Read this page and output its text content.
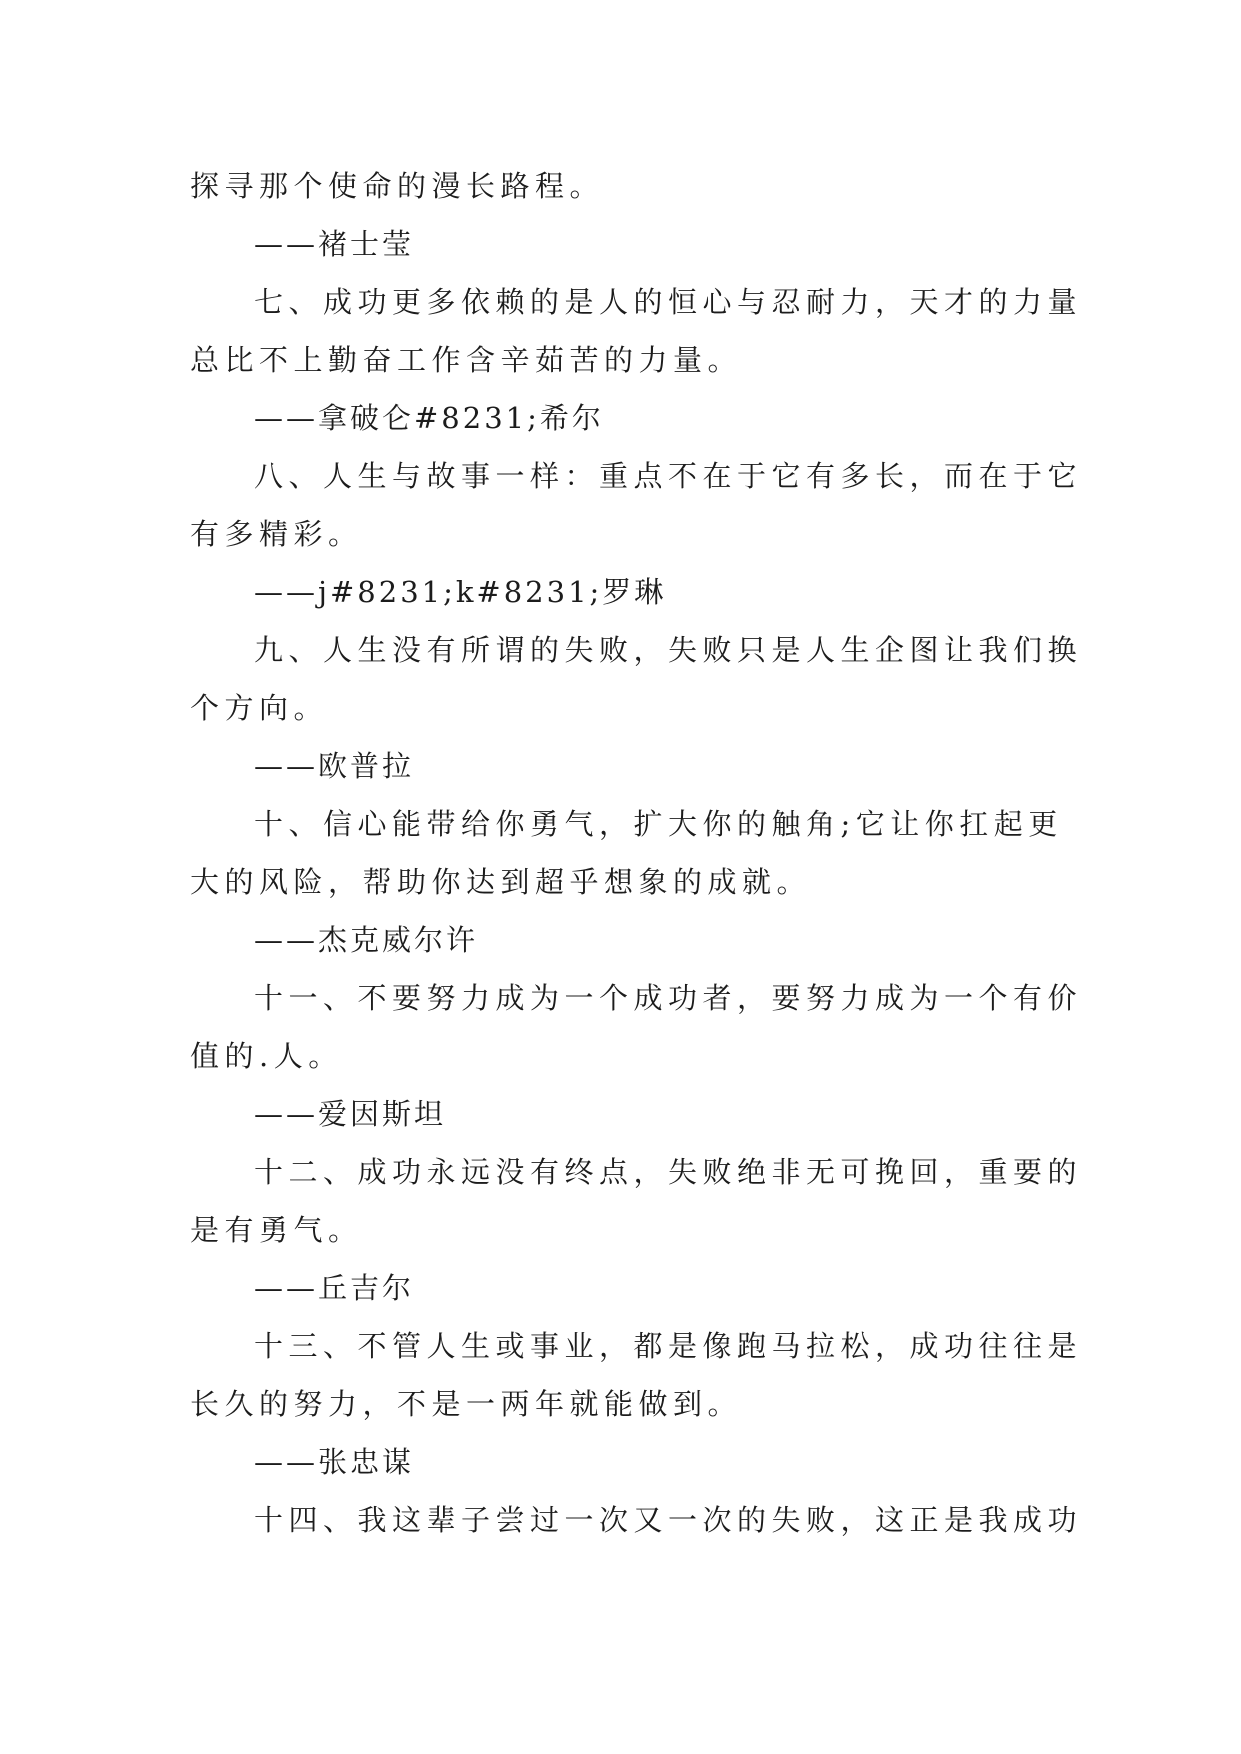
探寻那个使命的漫长路程。
——褚士莹
七、成功更多依赖的是人的恒心与忍耐力，天才的力量
总比不上勤奋工作含辛茹苦的力量。
——拿破仑#8231;希尔
八、人生与故事一样：重点不在于它有多长，而在于它
有多精彩。
——j#8231;k#8231;罗琳
九、人生没有所谓的失败，失败只是人生企图让我们换
个方向。
——欧普拉
十、信心能带给你勇气，扩大你的触角;它让你扛起更
大的风险，帮助你达到超乎想象的成就。
——杰克威尔许
十一、不要努力成为一个成功者，要努力成为一个有价
值的.人。
——爱因斯坦
十二、成功永远没有终点，失败绝非无可挽回，重要的
是有勇气。
——丘吉尔
十三、不管人生或事业，都是像跑马拉松，成功往往是
长久的努力，不是一两年就能做到。
——张忠谋
十四、我这辈子尝过一次又一次的失败，这正是我成功
